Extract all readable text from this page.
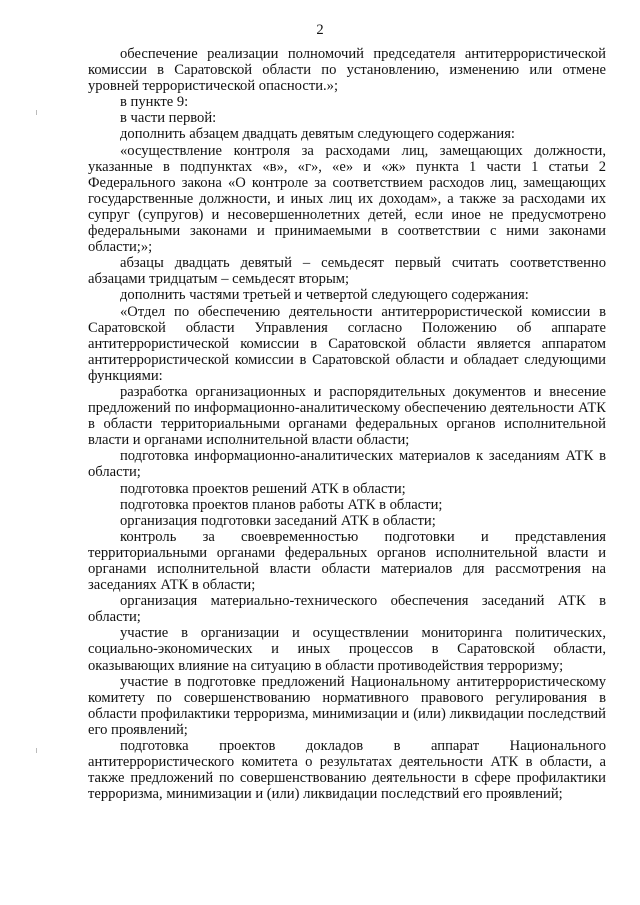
2

обеспечение реализации полномочий председателя антитеррористической комиссии в Саратовской области по установлению, изменению или отмене уровней террористической опасности.»;

в пункте 9:

в части первой:

дополнить абзацем двадцать девятым следующего содержания:

«осуществление контроля за расходами лиц, замещающих должности, указанные в подпунктах «в», «г», «е» и «ж» пункта 1 части 1 статьи 2 Федерального закона «О контроле за соответствием расходов лиц, замещающих государственные должности, и иных лиц их доходам», а также за расходами их супруг (супругов) и несовершеннолетних детей, если иное не предусмотрено федеральными законами и принимаемыми в соответствии с ними законами области;»;

абзацы двадцать девятый – семьдесят первый считать соответственно абзацами тридцатым – семьдесят вторым;

дополнить частями третьей и четвертой следующего содержания:

«Отдел по обеспечению деятельности антитеррористической комиссии в Саратовской области Управления согласно Положению об аппарате антитеррористической комиссии в Саратовской области является аппаратом антитеррористической комиссии в Саратовской области и обладает следующими функциями:

разработка организационных и распорядительных документов и внесение предложений по информационно-аналитическому обеспечению деятельности АТК в области территориальными органами федеральных органов исполнительной власти и органами исполнительной власти области;

подготовка информационно-аналитических материалов к заседаниям АТК в области;

подготовка проектов решений АТК в области;

подготовка проектов планов работы АТК в области;

организация подготовки заседаний АТК в области;

контроль за своевременностью подготовки и представления территориальными органами федеральных органов исполнительной власти и органами исполнительной власти области материалов для рассмотрения на заседаниях АТК в области;

организация материально-технического обеспечения заседаний АТК в области;

участие в организации и осуществлении мониторинга политических, социально-экономических и иных процессов в Саратовской области, оказывающих влияние на ситуацию в области противодействия терроризму;

участие в подготовке предложений Национальному антитеррористическому комитету по совершенствованию нормативного правового регулирования в области профилактики терроризма, минимизации и (или) ликвидации последствий его проявлений;

подготовка проектов докладов в аппарат Национального антитеррористического комитета о результатах деятельности АТК в области, а также предложений по совершенствованию деятельности в сфере профилактики терроризма, минимизации и (или) ликвидации последствий его проявлений;
